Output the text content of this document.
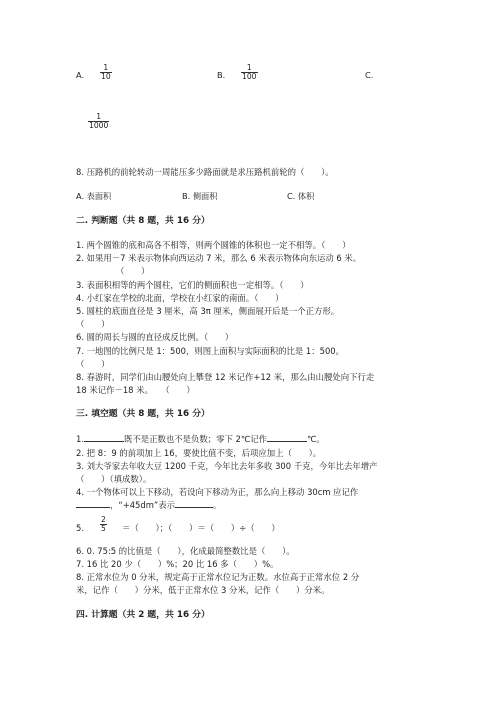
A. $\frac{1}{10}$	B. $\frac{1}{100}$	C.
$\frac{1}{1000}$
8. 压路机的前轮转动一周能压多少路面就是求压路机前轮的（　　）。
A. 表面积	B. 侧面积	C. 体积
二. 判断题（共 8 题，共 16 分）
1. 两个圆锥的底和高各不相等，则两个圆锥的体积也一定不相等。（　　）
2. 如果用－7 米表示物体向西运动 7 米，那么 6 米表示物体向东运动 6 米。
（　　）
3. 表面积相等的两个圆柱，它们的侧面积也一定相等。（　　）
4. 小红家在学校的北面，学校在小红家的南面。（　　）
5. 圆柱的底面直径是 3 厘米，高 3π 厘米，侧面展开后是一个正方形。
（　　）
6. 圆的周长与圆的直径成反比例。（　　）
7. 一地图的比例尺是 1：500，则图上面积与实际面积的比是 1：500。
（　　）
8. 春游时，同学们由山腰处向上攀登 12 米记作+12 米，那么由山腰处向下行走
18 米记作－18 米。　　（　　）
三. 填空题（共 8 题，共 16 分）
1.	既不是正数也不是负数；零下 2℃记作	℃。
2. 把 8：9 的前项加上 16，要使比值不变，后项应加上（　　）。
3. 刘大爷家去年收大豆 1200 千克，今年比去年多收 300 千克，今年比去年增产
（　　）（填成数）。
4. 一个物体可以上下移动，若设向下移动为正，那么向上移动 30cm 应记作
，“+45dm”表示	。
5. $\frac{2}{5}$ ＝（　　）；（　　）＝（　　）÷（　　）
6. 0. 75:5 的比值是（　　），化成最简整数比是（　　）。
7. 16 比 20 少（　　）%；20 比 16 多（　　）%。
8. 正常水位为 0 分米，规定高于正常水位记为正数。水位高于正常水位 2 分
米，记作（　　）分米，低于正常水位 3 分米，记作（　　）分米。
四. 计算题（共 2 题，共 16 分）
